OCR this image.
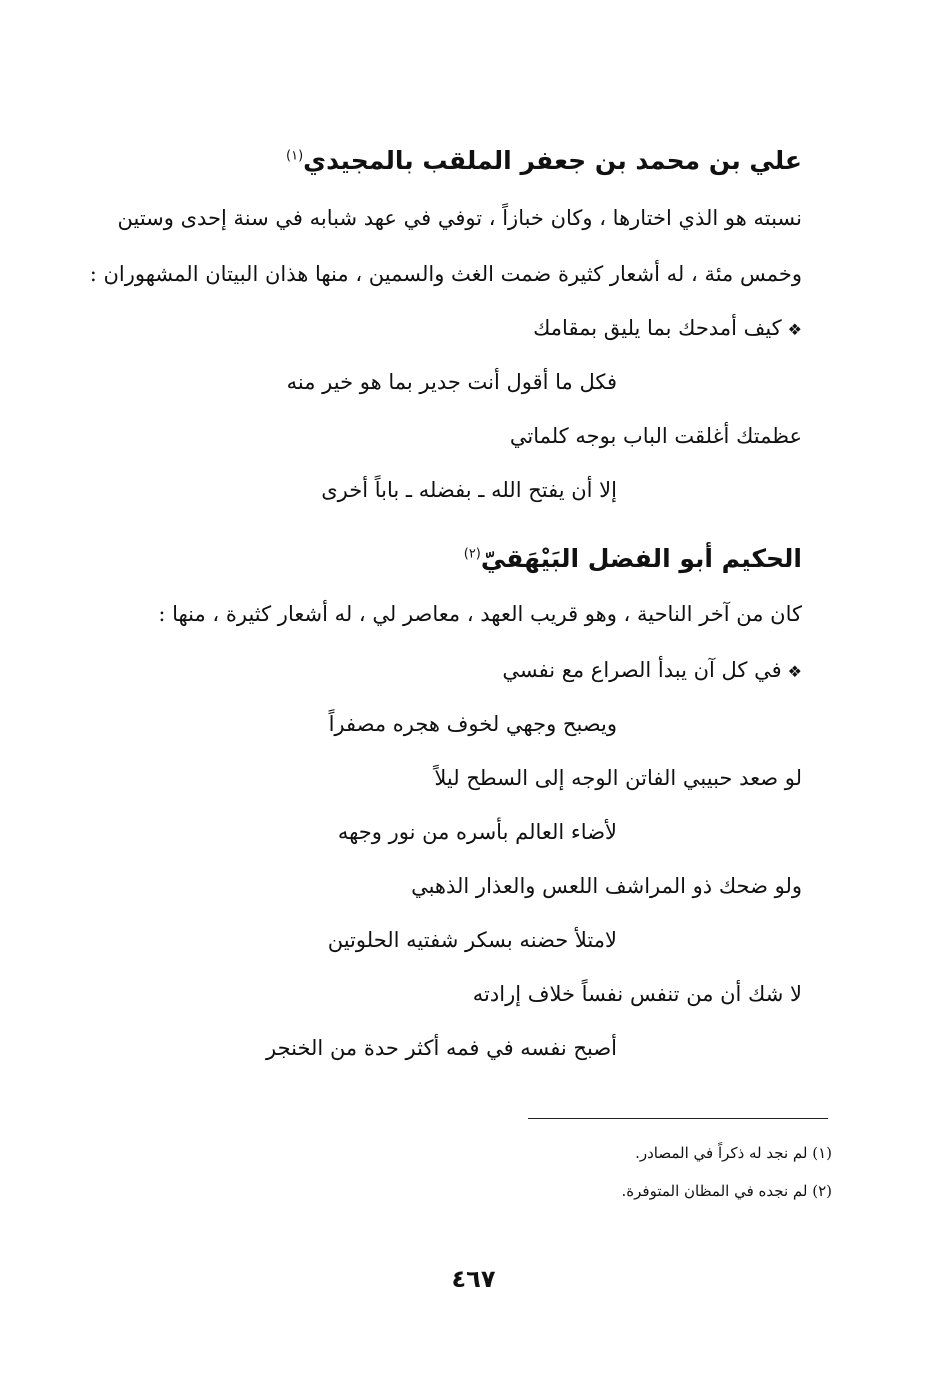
علي بن محمد بن جعفر الملقب بالمجيدي$^{(١)}$
نسبته هو الذي اختارها ، وكان خبازاً ، توفي في عهد شبابه في سنة إحدى وستين
وخمس مئة ، له أشعار كثيرة ضمت الغث والسمين ، منها هذان البيتان المشهوران :
❖كيف أمدحك بما يليق بمقامك
فكل ما أقول أنت جدير بما هو خير منه
عظمتك أغلقت الباب بوجه كلماتي
إلا أن يفتح الله ـ بفضله ـ باباً أخرى
الحكيم أبو الفضل البَيْهَقيّ$^{(٢)}$
كان من آخر الناحية ، وهو قريب العهد ، معاصر لي ، له أشعار كثيرة ، منها :
❖في كل آن يبدأ الصراع مع نفسي
ويصبح وجهي لخوف هجره مصفراً
لو صعد حبيبي الفاتن الوجه إلى السطح ليلاً
لأضاء العالم بأسره من نور وجهه
ولو ضحك ذو المراشف اللعس والعذار الذهبي
لامتلأ حضنه بسكر شفتيه الحلوتين
لا شك أن من تنفس نفساً خلاف إرادته
أصبح نفسه في فمه أكثر حدة من الخنجر
(١) لم نجد له ذكراً في المصادر.
(٢) لم نجده في المظان المتوفرة.
٤٦٧
